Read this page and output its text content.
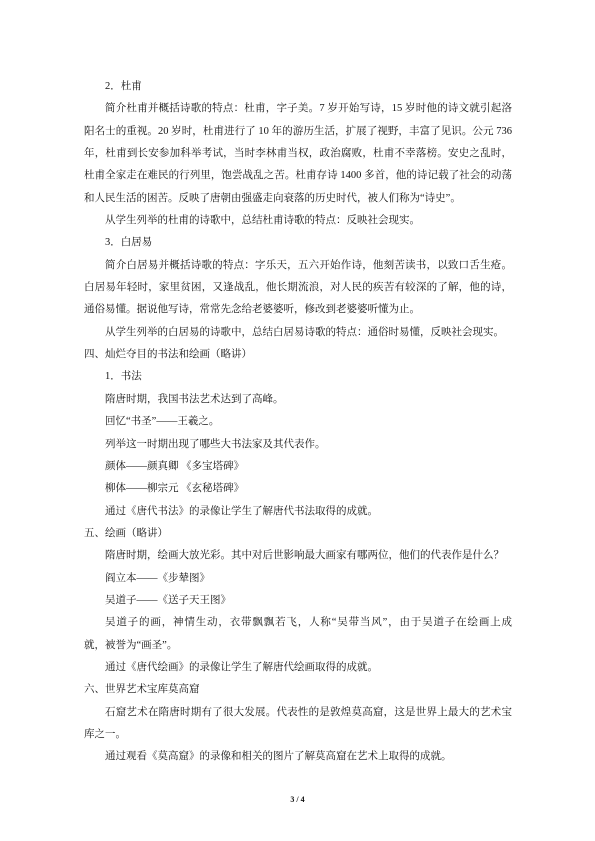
2．杜甫
简介杜甫并概括诗歌的特点：杜甫，字子美。7 岁开始写诗，15 岁时他的诗文就引起洛
阳名士的重视。20 岁时，杜甫进行了 10 年的游历生活，扩展了视野，丰富了见识。公元 736
年，杜甫到长安参加科举考试，当时李林甫当权，政治腐败，杜甫不幸落榜。安史之乱时，
杜甫全家走在难民的行列里，饱尝战乱之苦。杜甫存诗 1400 多首，他的诗记载了社会的动荡
和人民生活的困苦。反映了唐朝由强盛走向衰落的历史时代，被人们称为“诗史”。
从学生列举的杜甫的诗歌中，总结杜甫诗歌的特点：反映社会现实。
3．白居易
简介白居易并概括诗歌的特点：字乐天，五六开始作诗，他刻苦读书，以致口舌生疮。
白居易年轻时，家里贫困，又逢战乱，他长期流浪，对人民的疾苦有较深的了解，他的诗，
通俗易懂。据说他写诗，常常先念给老婆婆听，修改到老婆婆听懂为止。
从学生列举的白居易的诗歌中，总结白居易诗歌的特点：通俗时易懂，反映社会现实。
四、灿烂夺目的书法和绘画（略讲）
1．书法
隋唐时期，我国书法艺术达到了高峰。
回忆“书圣”——王羲之。
列举这一时期出现了哪些大书法家及其代表作。
颜体——颜真卿 《多宝塔碑》
柳体——柳宗元 《玄秘塔碑》
通过《唐代书法》的录像让学生了解唐代书法取得的成就。
五、绘画（略讲）
隋唐时期，绘画大放光彩。其中对后世影响最大画家有哪两位，他们的代表作是什么？
阎立本——《步辇图》
吴道子——《送子天王图》
吴道子的画，神情生动，衣带飘飘若飞，人称“吴带当风”，由于吴道子在绘画上成
就，被誉为“画圣”。
通过《唐代绘画》的录像让学生了解唐代绘画取得的成就。
六、世界艺术宝库莫高窟
石窟艺术在隋唐时期有了很大发展。代表性的是敦煌莫高窟，这是世界上最大的艺术宝
库之一。
通过观看《莫高窟》的录像和相关的图片了解莫高窟在艺术上取得的成就。
3 / 4
